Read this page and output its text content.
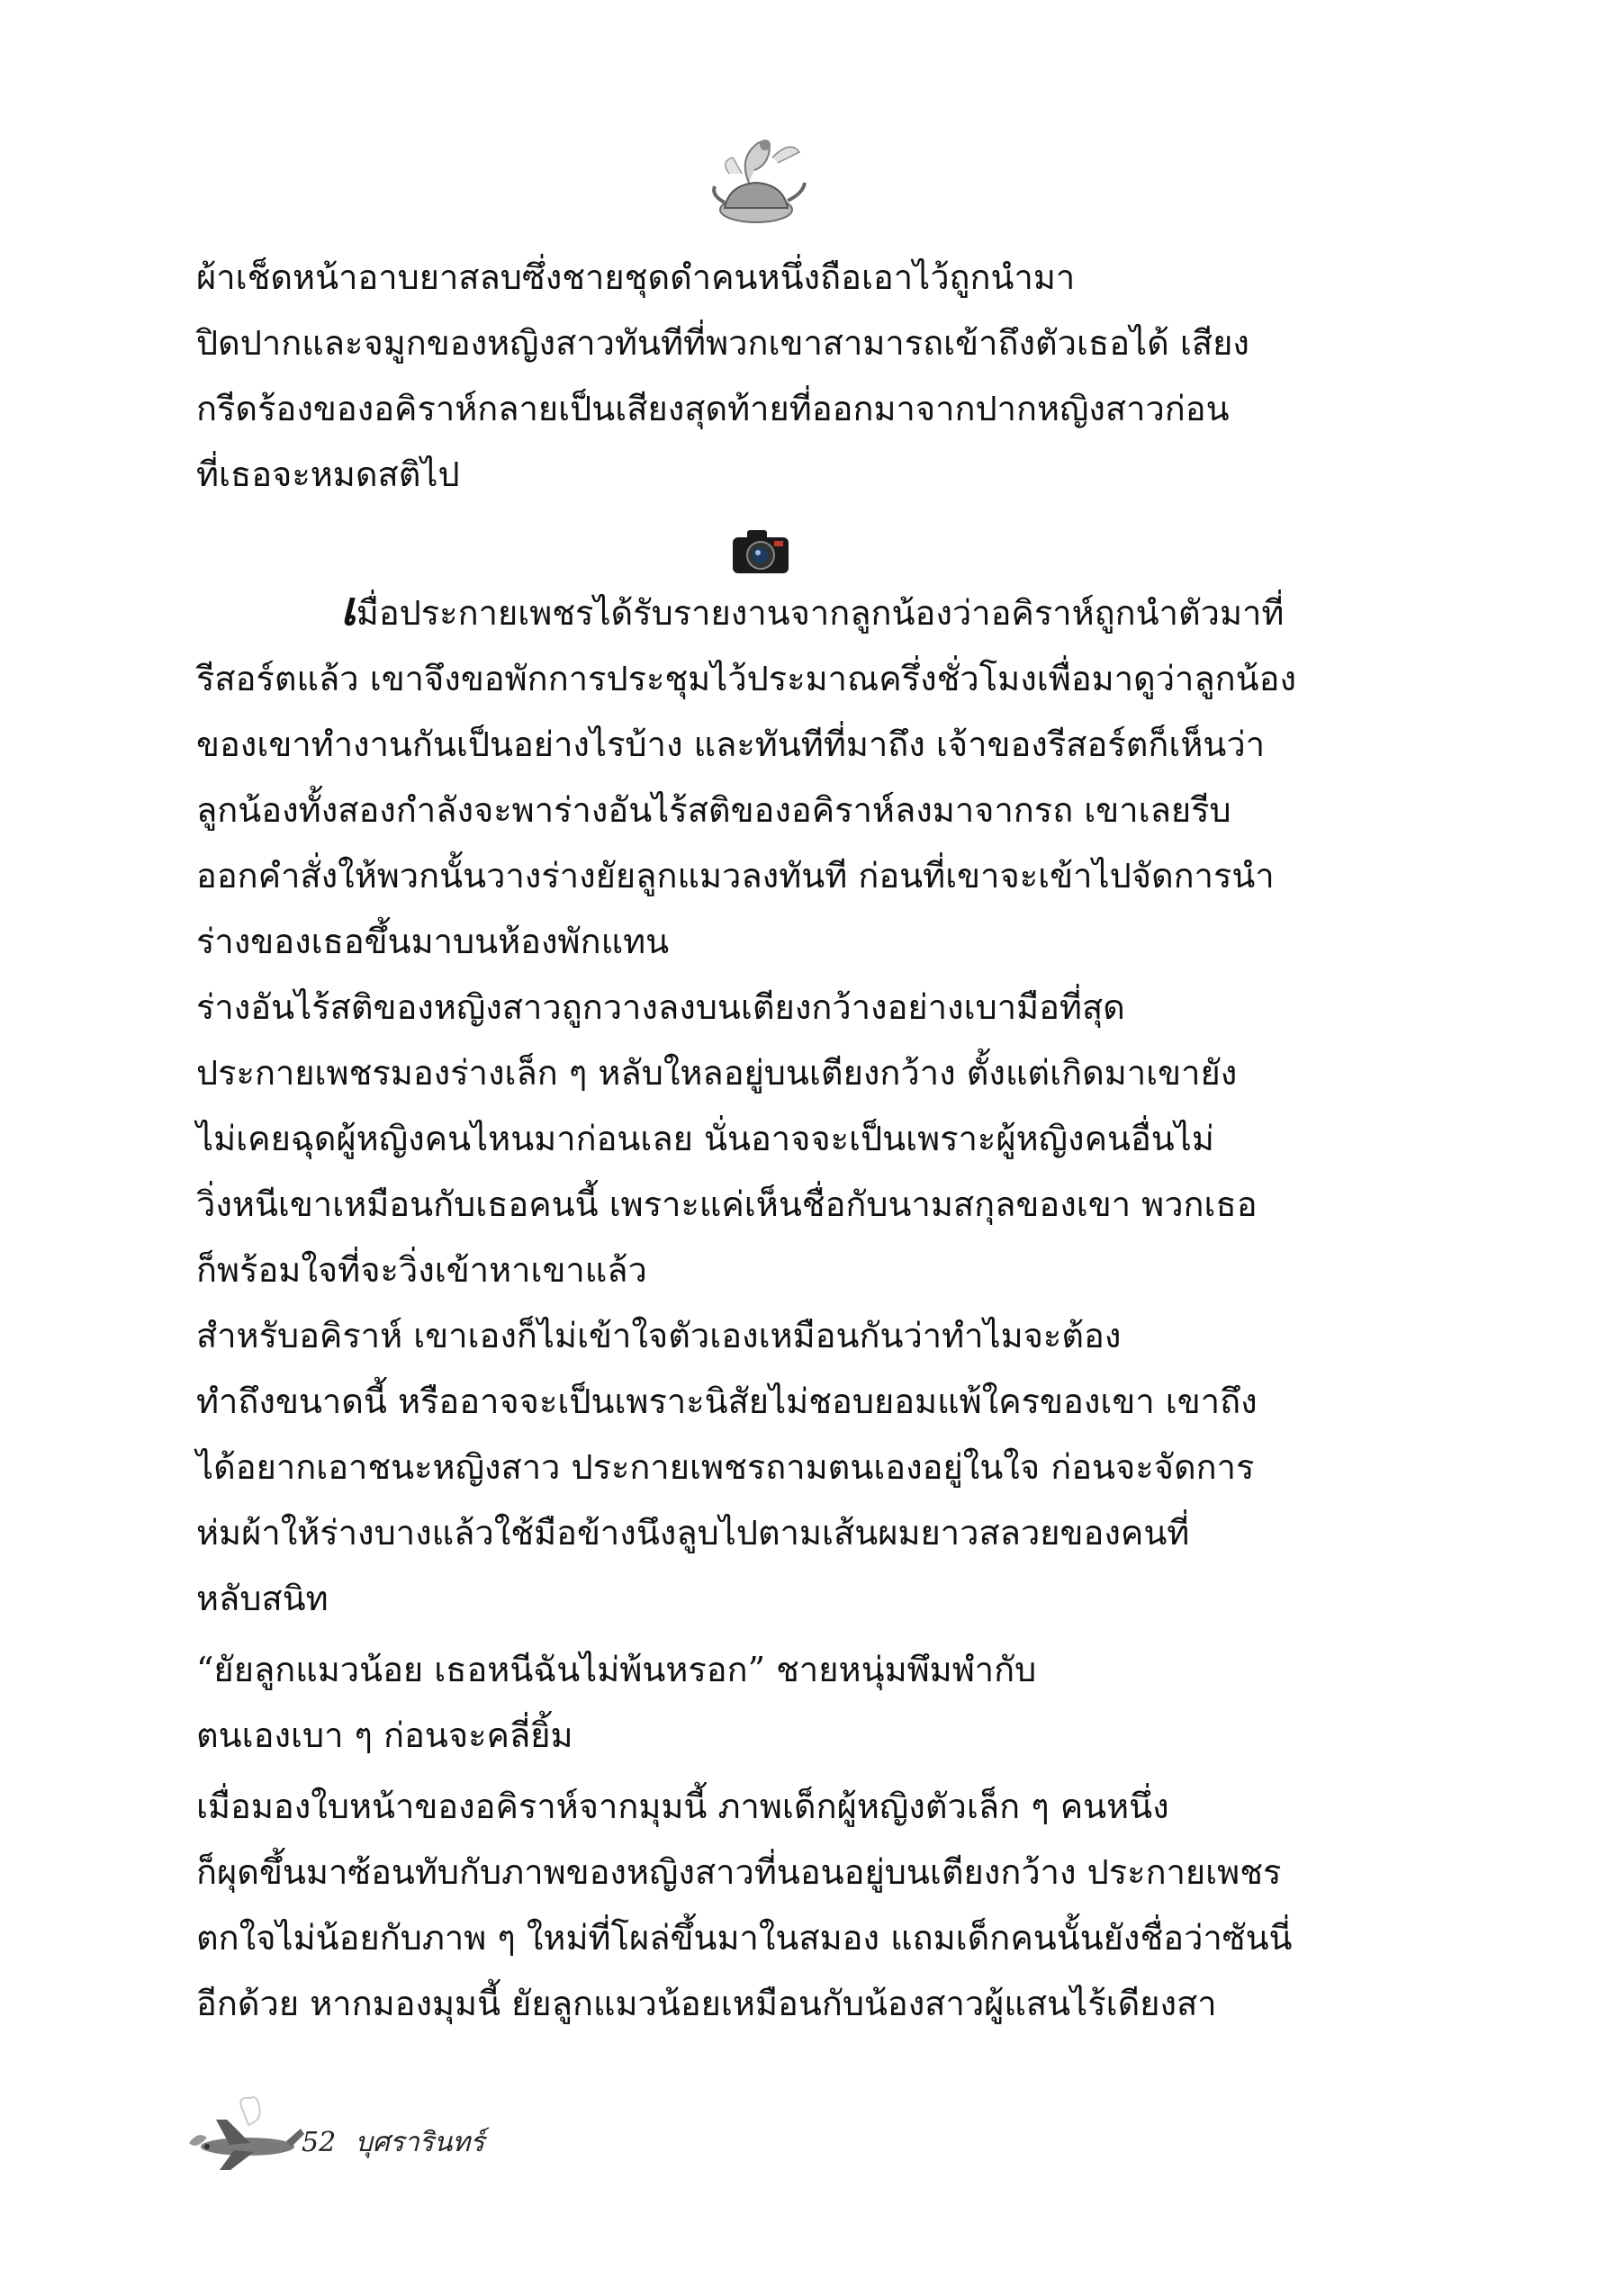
ผ้าเช็ดหน้าอาบยาสลบซึ่งชายชุดดำคนหนึ่งถือเอาไว้ถูกนำมา
ปิดปากและจมูกของหญิงสาวทันทีที่พวกเขาสามารถเข้าถึงตัวเธอได้ เสียง
กรีดร้องของอคิราห์กลายเป็นเสียงสุดท้ายที่ออกมาจากปากหญิงสาวก่อน
ที่เธอจะหมดสติไป

เมื่อประกายเพชรได้รับรายงานจากลูกน้องว่าอคิราห์ถูกนำตัวมาที่
รีสอร์ตแล้ว เขาจึงขอพักการประชุมไว้ประมาณครึ่งชั่วโมงเพื่อมาดูว่าลูกน้อง
ของเขาทำงานกันเป็นอย่างไรบ้าง และทันทีที่มาถึง เจ้าของรีสอร์ตก็เห็นว่า
ลูกน้องทั้งสองกำลังจะพาร่างอันไร้สติของอคิราห์ลงมาจากรถ เขาเลยรีบ
ออกคำสั่งให้พวกนั้นวางร่างยัยลูกแมวลงทันที ก่อนที่เขาจะเข้าไปจัดการนำ
ร่างของเธอขึ้นมาบนห้องพักแทน

ร่างอันไร้สติของหญิงสาวถูกวางลงบนเตียงกว้างอย่างเบามือที่สุด
ประกายเพชรมองร่างเล็ก ๆ หลับใหลอยู่บนเตียงกว้าง ตั้งแต่เกิดมาเขายัง
ไม่เคยฉุดผู้หญิงคนไหนมาก่อนเลย นั่นอาจจะเป็นเพราะผู้หญิงคนอื่นไม่
วิ่งหนีเขาเหมือนกับเธอคนนี้ เพราะแค่เห็นชื่อกับนามสกุลของเขา พวกเธอ
ก็พร้อมใจที่จะวิ่งเข้าหาเขาแล้ว

สำหรับอคิราห์ เขาเองก็ไม่เข้าใจตัวเองเหมือนกันว่าทำไมจะต้อง
ทำถึงขนาดนี้ หรืออาจจะเป็นเพราะนิสัยไม่ชอบยอมแพ้ใครของเขา เขาถึง
ได้อยากเอาชนะหญิงสาว ประกายเพชรถามตนเองอยู่ในใจ ก่อนจะจัดการ
ห่มผ้าให้ร่างบางแล้วใช้มือข้างนึงลูบไปตามเส้นผมยาวสลวยของคนที่
หลับสนิท

“ยัยลูกแมวน้อย เธอหนีฉันไม่พ้นหรอก” ชายหนุ่มพึมพำกับ
ตนเองเบา ๆ ก่อนจะคลี่ยิ้ม

เมื่อมองใบหน้าของอคิราห์จากมุมนี้ ภาพเด็กผู้หญิงตัวเล็ก ๆ คนหนึ่ง
ก็ผุดขึ้นมาซ้อนทับกับภาพของหญิงสาวที่นอนอยู่บนเตียงกว้าง ประกายเพชร
ตกใจไม่น้อยกับภาพ ๆ ใหม่ที่โผล่ขึ้นมาในสมอง แถมเด็กคนนั้นยังชื่อว่าซันนี่
อีกด้วย หากมองมุมนี้ ยัยลูกแมวน้อยเหมือนกับน้องสาวผู้แสนไร้เดียงสา

52 บุศรารินทร์
